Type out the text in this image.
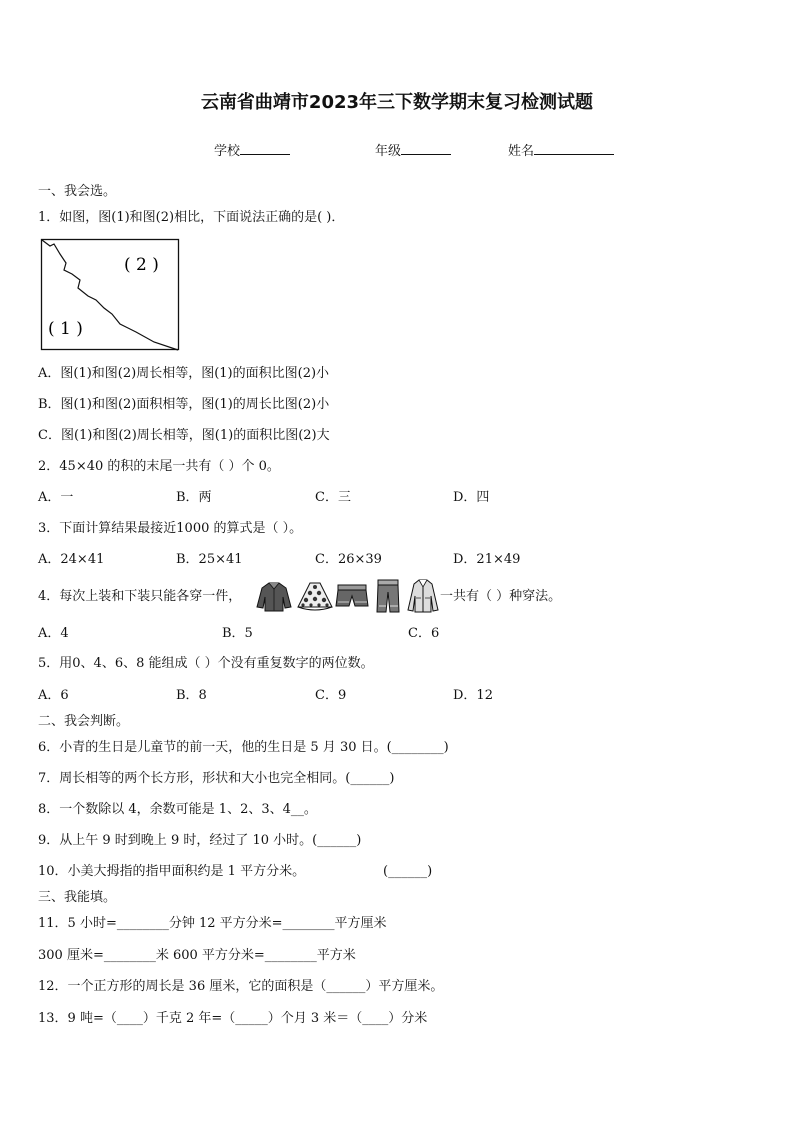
云南省曲靖市2023年三下数学期末复习检测试题
学校	年级	姓名
一、我会选。
1．如图，图(1)和图(2)相比，下面说法正确的是( )．
( 2 )
( 1 )
A．图(1)和图(2)周长相等，图(1)的面积比图(2)小
B．图(1)和图(2)面积相等，图(1)的周长比图(2)小
C．图(1)和图(2)周长相等，图(1)的面积比图(2)大
2．45×40 的积的末尾一共有（ ）个 0。
A．一	B．两	C．三	D．四
3．下面计算结果最接近1000 的算式是（ ）。
A．24×41	B．25×41	C．26×39	D．21×49
4．每次上装和下装只能各穿一件，	一共有（ ）种穿法。
A．4	B．5	C．6
5．用0、4、6、8 能组成（ ）个没有重复数字的两位数。
A．6	B．8	C．9	D．12
二、我会判断。
6．小青的生日是儿童节的前一天，他的生日是 5 月 30 日。(________)
7．周长相等的两个长方形，形状和大小也完全相同。(______)
8．一个数除以 4，余数可能是 1、2、3、4__。
9．从上午 9 时到晚上 9 时，经过了 10 小时。(______)
10．小美大拇指的指甲面积约是 1 平方分米。	(______)
三、我能填。
11．5 小时=________分钟 12 平方分米=________平方厘米
300 厘米=________米 600 平方分米=________平方米
12．一个正方形的周长是 36 厘米，它的面积是（______）平方厘米。
13．9 吨=（____）千克 2 年=（_____）个月 3 米＝（____）分米
